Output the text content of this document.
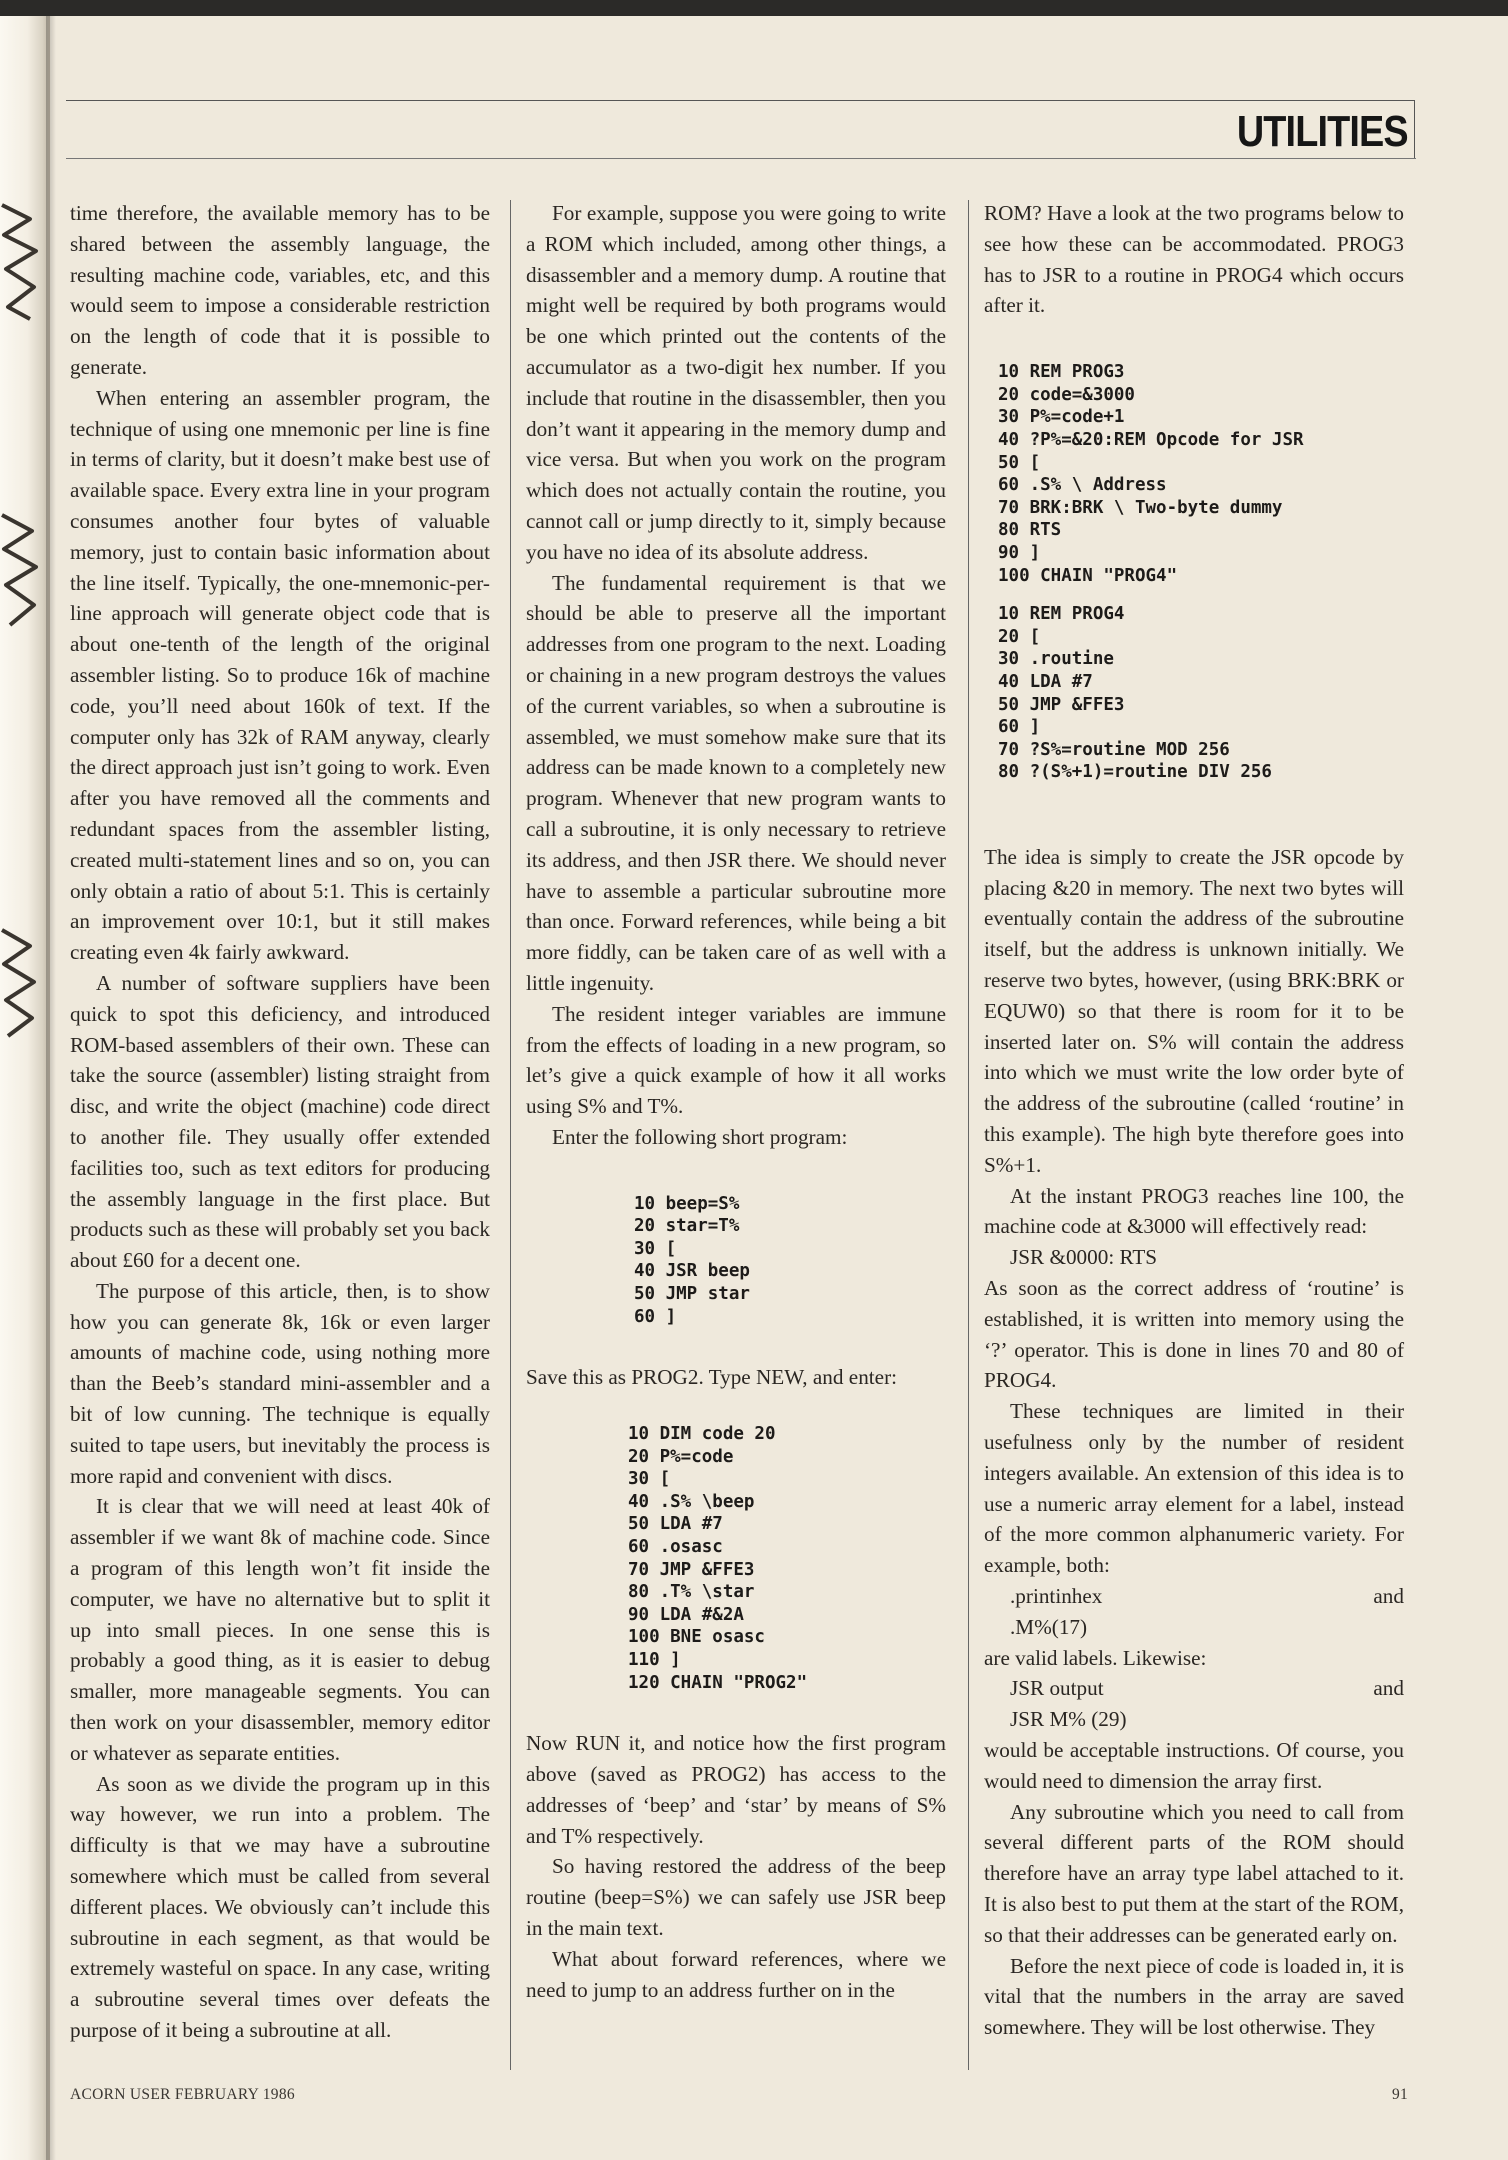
UTILITIES

time therefore, the available memory has to be shared between the assembly language, the resulting machine code, variables, etc, and this would seem to impose a considerable restriction on the length of code that it is possible to generate.

When entering an assembler program, the technique of using one mnemonic per line is fine in terms of clarity, but it doesn’t make best use of available space. Every extra line in your program consumes another four bytes of valuable memory, just to contain basic information about the line itself. Typically, the one-mnemonic-per-line approach will generate object code that is about one-tenth of the length of the original assembler listing. So to produce 16k of machine code, you’ll need about 160k of text. If the computer only has 32k of RAM anyway, clearly the direct approach just isn’t going to work. Even after you have removed all the comments and redundant spaces from the assembler listing, created multi-statement lines and so on, you can only obtain a ratio of about 5:1. This is certainly an improvement over 10:1, but it still makes creating even 4k fairly awkward.

A number of software suppliers have been quick to spot this deficiency, and introduced ROM-based assemblers of their own. These can take the source (assembler) listing straight from disc, and write the object (machine) code direct to another file. They usually offer extended facilities too, such as text editors for producing the assembly language in the first place. But products such as these will probably set you back about £60 for a decent one.

The purpose of this article, then, is to show how you can generate 8k, 16k or even larger amounts of machine code, using nothing more than the Beeb’s standard mini-assembler and a bit of low cunning. The technique is equally suited to tape users, but inevitably the process is more rapid and convenient with discs.

It is clear that we will need at least 40k of assembler if we want 8k of machine code. Since a program of this length won’t fit inside the computer, we have no alternative but to split it up into small pieces. In one sense this is probably a good thing, as it is easier to debug smaller, more manageable segments. You can then work on your disassembler, memory editor or whatever as separate entities.

As soon as we divide the program up in this way however, we run into a problem. The difficulty is that we may have a subroutine somewhere which must be called from several different places. We obviously can’t include this subroutine in each segment, as that would be extremely wasteful on space. In any case, writing a subroutine several times over defeats the purpose of it being a subroutine at all.

For example, suppose you were going to write a ROM which included, among other things, a disassembler and a memory dump. A routine that might well be required by both programs would be one which printed out the contents of the accumulator as a two-digit hex number. If you include that routine in the disassembler, then you don’t want it appearing in the memory dump and vice versa. But when you work on the program which does not actually contain the routine, you cannot call or jump directly to it, simply because you have no idea of its absolute address.

The fundamental requirement is that we should be able to preserve all the important addresses from one program to the next. Loading or chaining in a new program destroys the values of the current variables, so when a subroutine is assembled, we must somehow make sure that its address can be made known to a completely new program. Whenever that new program wants to call a subroutine, it is only necessary to retrieve its address, and then JSR there. We should never have to assemble a particular subroutine more than once. Forward references, while being a bit more fiddly, can be taken care of as well with a little ingenuity.

The resident integer variables are immune from the effects of loading in a new program, so let’s give a quick example of how it all works using S% and T%.

Enter the following short program:

10 beep=S%
20 star=T%
30 [
40 JSR beep
50 JMP star
60 ]

Save this as PROG2. Type NEW, and enter:

10 DIM code 20
20 P%=code
30 [
40 .S% \beep
50 LDA #7
60 .osasc
70 JMP &FFE3
80 .T% \star
90 LDA #&2A
100 BNE osasc
110 ]
120 CHAIN "PROG2"

Now RUN it, and notice how the first program above (saved as PROG2) has access to the addresses of ‘beep’ and ‘star’ by means of S% and T% respectively.

So having restored the address of the beep routine (beep=S%) we can safely use JSR beep in the main text.

What about forward references, where we need to jump to an address further on in the

ROM? Have a look at the two programs below to see how these can be accommodated. PROG3 has to JSR to a routine in PROG4 which occurs after it.

10 REM PROG3
20 code=&3000
30 P%=code+1
40 ?P%=&20:REM Opcode for JSR
50 [
60 .S% \ Address
70 BRK:BRK \ Two-byte dummy
80 RTS
90 ]
100 CHAIN "PROG4"
10 REM PROG4
20 [
30 .routine
40 LDA #7
50 JMP &FFE3
60 ]
70 ?S%=routine MOD 256
80 ?(S%+1)=routine DIV 256

The idea is simply to create the JSR opcode by placing &20 in memory. The next two bytes will eventually contain the address of the subroutine itself, but the address is unknown initially. We reserve two bytes, however, (using BRK:BRK or EQUW0) so that there is room for it to be inserted later on. S% will contain the address into which we must write the low order byte of the address of the subroutine (called ‘routine’ in this example). The high byte therefore goes into S%+1.

At the instant PROG3 reaches line 100, the machine code at &3000 will effectively read:

JSR &0000: RTS

As soon as the correct address of ‘routine’ is established, it is written into memory using the ‘?’ operator. This is done in lines 70 and 80 of PROG4.

These techniques are limited in their usefulness only by the number of resident integers available. An extension of this idea is to use a numeric array element for a label, instead of the more common alphanumeric variety. For example, both:

.printinhex	and
.M%(17)

are valid labels. Likewise:

JSR output	and
JSR M% (29)

would be acceptable instructions. Of course, you would need to dimension the array first.

Any subroutine which you need to call from several different parts of the ROM should therefore have an array type label attached to it. It is also best to put them at the start of the ROM, so that their addresses can be generated early on.

Before the next piece of code is loaded in, it is vital that the numbers in the array are saved somewhere. They will be lost otherwise. They

ACORN USER FEBRUARY 1986	91
